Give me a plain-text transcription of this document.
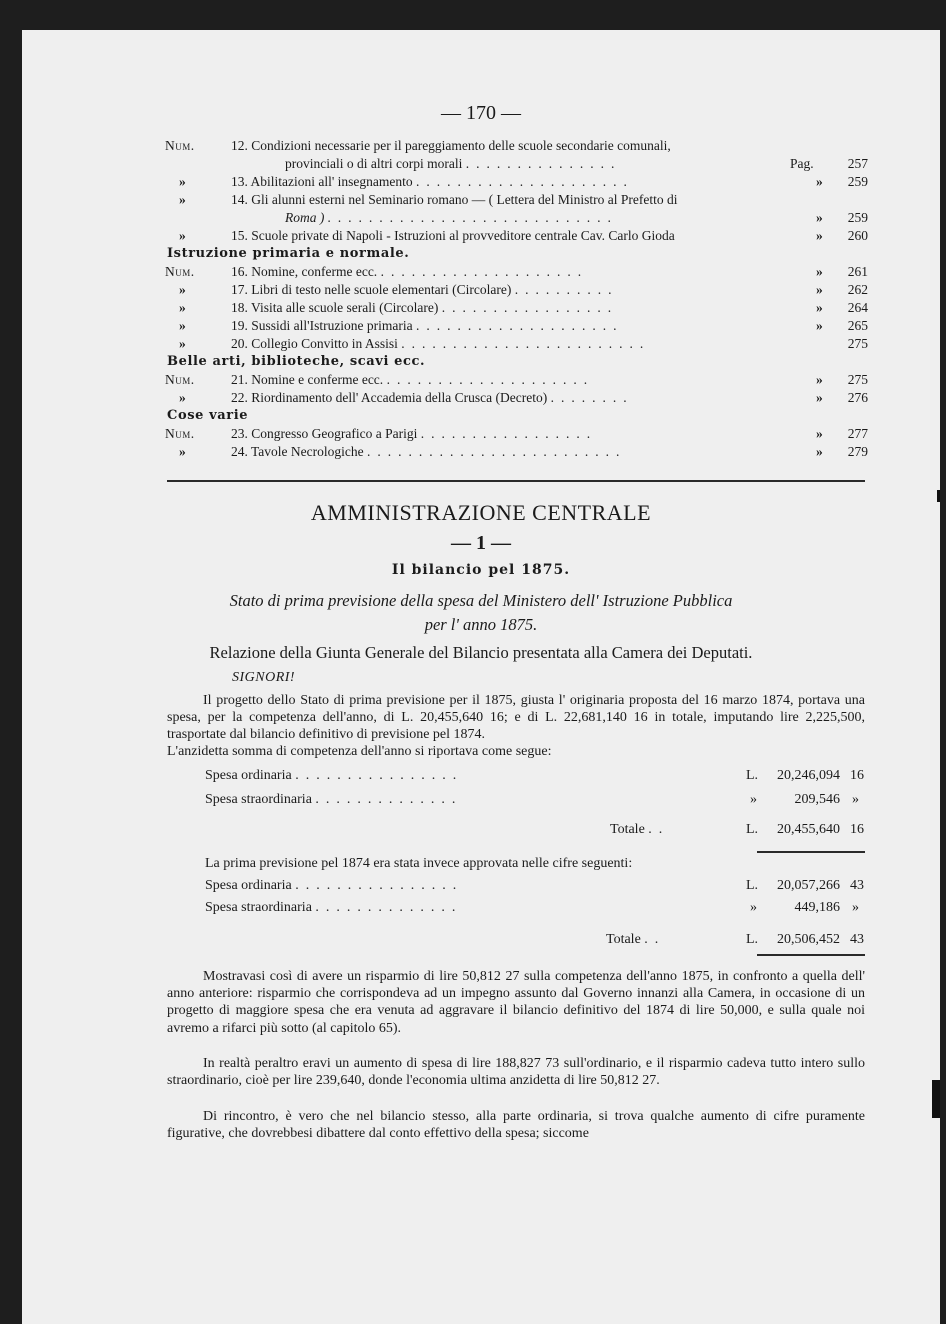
— 170 —
Num.	12. Condizioni necessarie per il pareggiamento delle scuole secondarie comunali,
provinciali o di altri corpi morali ...............	Pag.	257
»	13. Abilitazioni all' insegnamento .....................	»	259
»	14. Gli alunni esterni nel Seminario romano — ( Lettera del Ministro al Prefetto di
Roma ) ............................	»	259
»	15. Scuole private di Napoli - Istruzioni al provveditore centrale Cav. Carlo Gioda	»	260
Istruzione primaria e normale.
Num.	16. Nomine, conferme ecc. ....................	»	261
»	17. Libri di testo nelle scuole elementari (Circolare) ..........	»	262
»	18. Visita alle scuole serali (Circolare) .................	»	264
»	19. Sussidi all'Istruzione primaria ....................	»	265
»	20. Collegio Convitto in Assisi ........................	275
Belle arti, biblioteche, scavi ecc.
Num.	21. Nomine e conferme ecc. ....................	»	275
»	22. Riordinamento dell' Accademia della Crusca (Decreto) ........	»	276
Cose varie
Num.	23. Congresso Geografico a Parigi .................	»	277
»	24. Tavole Necrologiche .........................	»	279
AMMINISTRAZIONE CENTRALE
— 1 —
Il bilancio pel 1875.
Stato di prima previsione della spesa del Ministero dell' Istruzione Pubblica
per l' anno 1875.
Relazione della Giunta Generale del Bilancio presentata alla Camera dei Deputati.
SIGNORI!
Il progetto dello Stato di prima previsione per il 1875, giusta l' originaria proposta del 16 marzo 1874, portava una spesa, per la competenza dell'anno, di L. 20,455,640 16; e di L. 22,681,140 16 in totale, imputando lire 2,225,500, trasportate dal bilancio definitivo di previsione pel 1874.
L'anzidetta somma di competenza dell'anno si riportava come segue:
Spesa ordinaria ................	L.	20,246,094 16
Spesa straordinaria ..............	»	209,546 »
Totale ..	L.	20,455,640 16
La prima previsione pel 1874 era stata invece approvata nelle cifre seguenti:
Spesa ordinaria ................	L.	20,057,266 43
Spesa straordinaria ..............	»	449,186 »
Totale ..	L.	20,506,452 43
Mostravasi così di avere un risparmio di lire 50,812 27 sulla competenza dell'anno 1875, in confronto a quella dell' anno anteriore: risparmio che corrispondeva ad un impegno assunto dal Governo innanzi alla Camera, in occasione di un progetto di maggiore spesa che era venuta ad aggravare il bilancio definitivo del 1874 di lire 50,000, e sulla quale noi avremo a rifarci più sotto (al capitolo 65).
In realtà peraltro eravi un aumento di spesa di lire 188,827 73 sull'ordinario, e il risparmio cadeva tutto intero sullo straordinario, cioè per lire 239,640, donde l'economia ultima anzidetta di lire 50,812 27.
Di rincontro, è vero che nel bilancio stesso, alla parte ordinaria, si trova qualche aumento di cifre puramente figurative, che dovrebbesi dibattere dal conto effettivo della spesa; siccome
